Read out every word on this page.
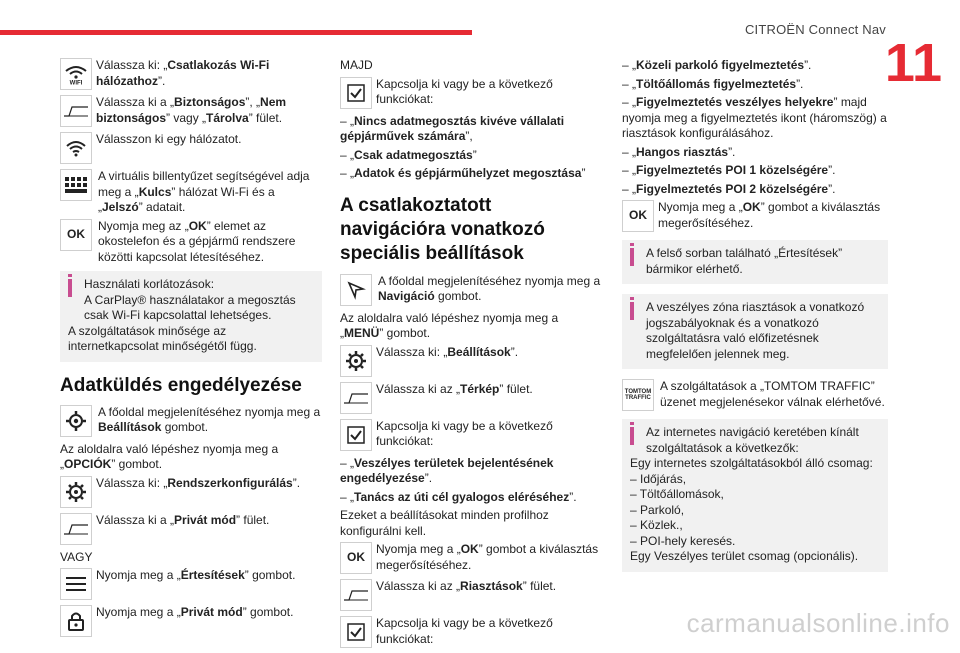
CITROËN Connect Nav
11
carmanualsonline.info
WIFI
Válassza ki: „Csatlakozás Wi-Fi hálózathoz”.
Válassza ki a „Biztonságos”, „Nem biztonságos” vagy „Tárolva” fület.
Válasszon ki egy hálózatot.
A virtuális billentyűzet segítségével adja meg a „Kulcs” hálózat Wi-Fi és a „Jelszó” adatait.
OK
Nyomja meg az „OK” elemet az okostelefon és a gépjármű rendszere közötti kapcsolat létesítéséhez.
Használati korlátozások:
A CarPlay® használatakor a megosztás csak Wi-Fi kapcsolattal lehetséges.
A szolgáltatások minősége az internetkapcsolat minőségétől függ.
Adatküldés engedélyezése
A főoldal megjelenítéséhez nyomja meg a Beállítások gombot.
Az aloldalra való lépéshez nyomja meg a „OPCIÓK” gombot.
Válassza ki: „Rendszerkonfigurálás”.
Válassza ki a „Privát mód” fület.
VAGY
Nyomja meg a „Értesítések” gombot.
Nyomja meg a „Privát mód” gombot.
MAJD
Kapcsolja ki vagy be a következő funkciókat:
– „Nincs adatmegosztás kivéve vállalati gépjárművek számára”,
– „Csak adatmegosztás”
– „Adatok és gépjárműhelyzet megosztása”
A csatlakoztatott navigációra vonatkozó speciális beállítások
A főoldal megjelenítéséhez nyomja meg a Navigáció gombot.
Az aloldalra való lépéshez nyomja meg a „MENÜ” gombot.
Válassza ki: „Beállítások”.
Válassza ki az „Térkép” fület.
Kapcsolja ki vagy be a következő funkciókat:
– „Veszélyes területek bejelentésének engedélyezése”.
– „Tanács az úti cél gyalogos eléréséhez”.
Ezeket a beállításokat minden profilhoz konfigurálni kell.
OK
Nyomja meg a „OK” gombot a kiválasztás megerősítéséhez.
Válassza ki az „Riasztások” fület.
Kapcsolja ki vagy be a következő funkciókat:
– „Közeli parkoló figyelmeztetés”.
– „Töltőállomás figyelmeztetés”.
– „Figyelmeztetés veszélyes helyekre” majd nyomja meg a figyelmeztetés ikont (háromszög) a riasztások konfigurálásához.
– „Hangos riasztás”.
– „Figyelmeztetés POI 1 közelségére”.
– „Figyelmeztetés POI 2 közelségére”.
OK
Nyomja meg a „OK” gombot a kiválasztás megerősítéséhez.
A felső sorban található „Értesítések” bármikor elérhető.
A veszélyes zóna riasztások a vonatkozó jogszabályoknak és a vonatkozó szolgáltatásra való előfizetésnek megfelelően jelennek meg.
TOMTOM TRAFFIC
A szolgáltatások a „TOMTOM TRAFFIC” üzenet megjelenésekor válnak elérhetővé.
Az internetes navigáció keretében kínált szolgáltatások a következők:
Egy internetes szolgáltatásokból álló csomag:
– Időjárás,
– Töltőállomások,
– Parkoló,
– Közlek.,
– POI-hely keresés.
Egy Veszélyes terület csomag (opcionális).
